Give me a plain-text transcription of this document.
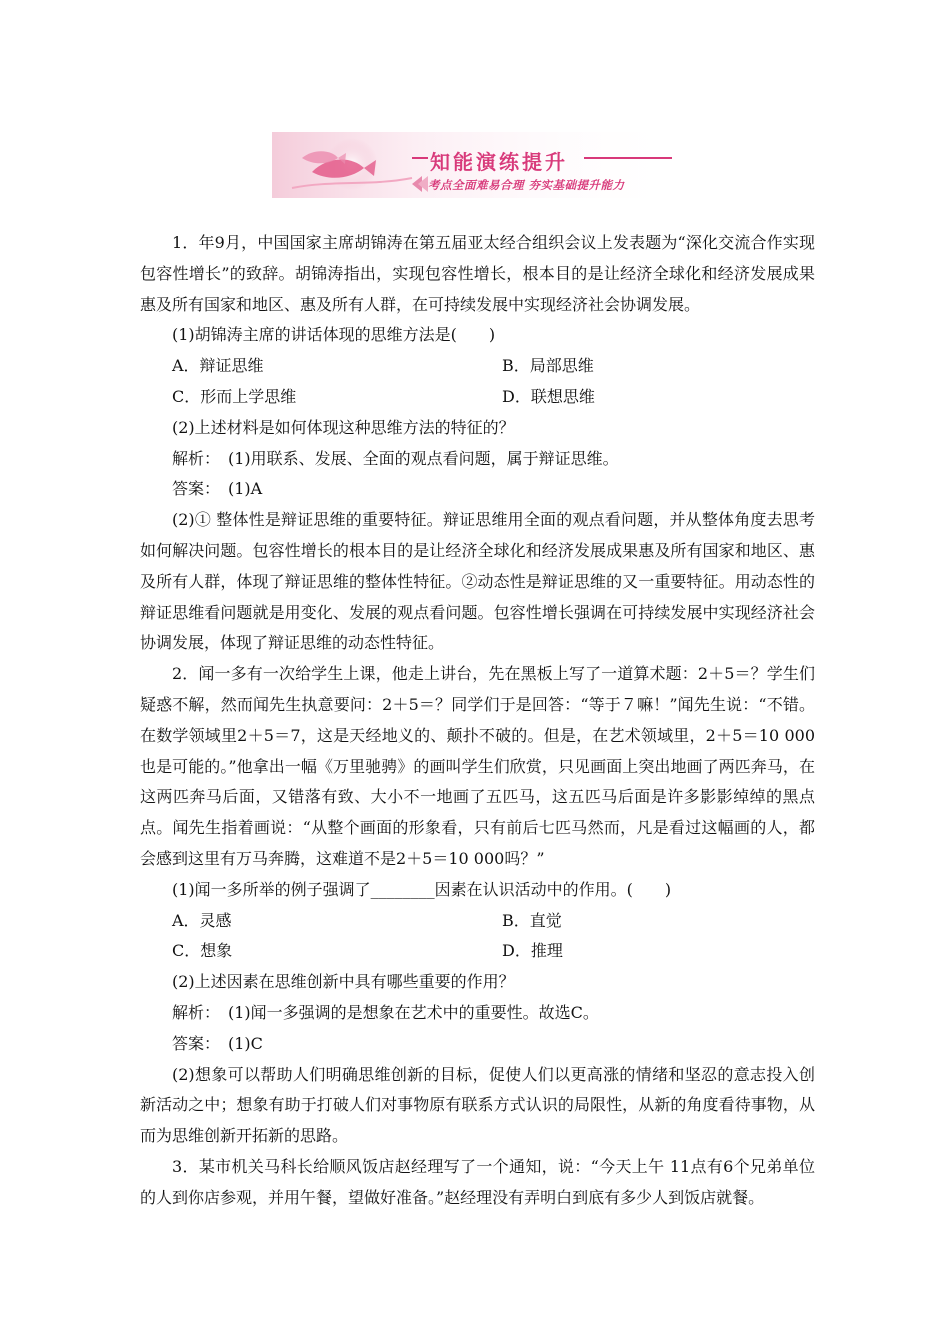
知能演练提升
考点全面难易合理 夯实基础提升能力

1．年9月，中国国家主席胡锦涛在第五届亚太经合组织会议上发表题为“深化交流合作实现包容性增长”的致辞。胡锦涛指出，实现包容性增长，根本目的是让经济全球化和经济发展成果惠及所有国家和地区、惠及所有人群，在可持续发展中实现经济社会协调发展。

(1)胡锦涛主席的讲话体现的思维方法是(　　)

A．辩证思维	B．局部思维
C．形而上学思维	D．联想思维

(2)上述材料是如何体现这种思维方法的特征的？

解析：　(1)用联系、发展、全面的观点看问题，属于辩证思维。

答案：　(1)A

(2)① 整体性是辩证思维的重要特征。辩证思维用全面的观点看问题，并从整体角度去思考如何解决问题。包容性增长的根本目的是让经济全球化和经济发展成果惠及所有国家和地区、惠及所有人群，体现了辩证思维的整体性特征。②动态性是辩证思维的又一重要特征。用动态性的辩证思维看问题就是用变化、发展的观点看问题。包容性增长强调在可持续发展中实现经济社会协调发展，体现了辩证思维的动态性特征。

2．闻一多有一次给学生上课，他走上讲台，先在黑板上写了一道算术题：2＋5＝？学生们疑惑不解，然而闻先生执意要问：2＋5＝？同学们于是回答：“等于７嘛！”闻先生说：“不错。在数学领域里2＋5＝7，这是天经地义的、颠扑不破的。但是，在艺术领域里，2＋5＝10 000也是可能的。”他拿出一幅《万里驰骋》的画叫学生们欣赏，只见画面上突出地画了两匹奔马，在这两匹奔马后面，又错落有致、大小不一地画了五匹马，这五匹马后面是许多影影绰绰的黑点点。闻先生指着画说：“从整个画面的形象看，只有前后七匹马然而，凡是看过这幅画的人，都会感到这里有万马奔腾，这难道不是2＋5＝10 000吗？”

(1)闻一多所举的例子强调了________因素在认识活动中的作用。(　　)

A．灵感	B．直觉
C．想象	D．推理

(2)上述因素在思维创新中具有哪些重要的作用？

解析：　(1)闻一多强调的是想象在艺术中的重要性。故选C。

答案：　(1)C

(2)想象可以帮助人们明确思维创新的目标，促使人们以更高涨的情绪和坚忍的意志投入创新活动之中；想象有助于打破人们对事物原有联系方式认识的局限性，从新的角度看待事物，从而为思维创新开拓新的思路。

3．某市机关马科长给顺风饭店赵经理写了一个通知，说：“今天上午 11点有6个兄弟单位的人到你店参观，并用午餐，望做好准备。”赵经理没有弄明白到底有多少人到饭店就餐。
